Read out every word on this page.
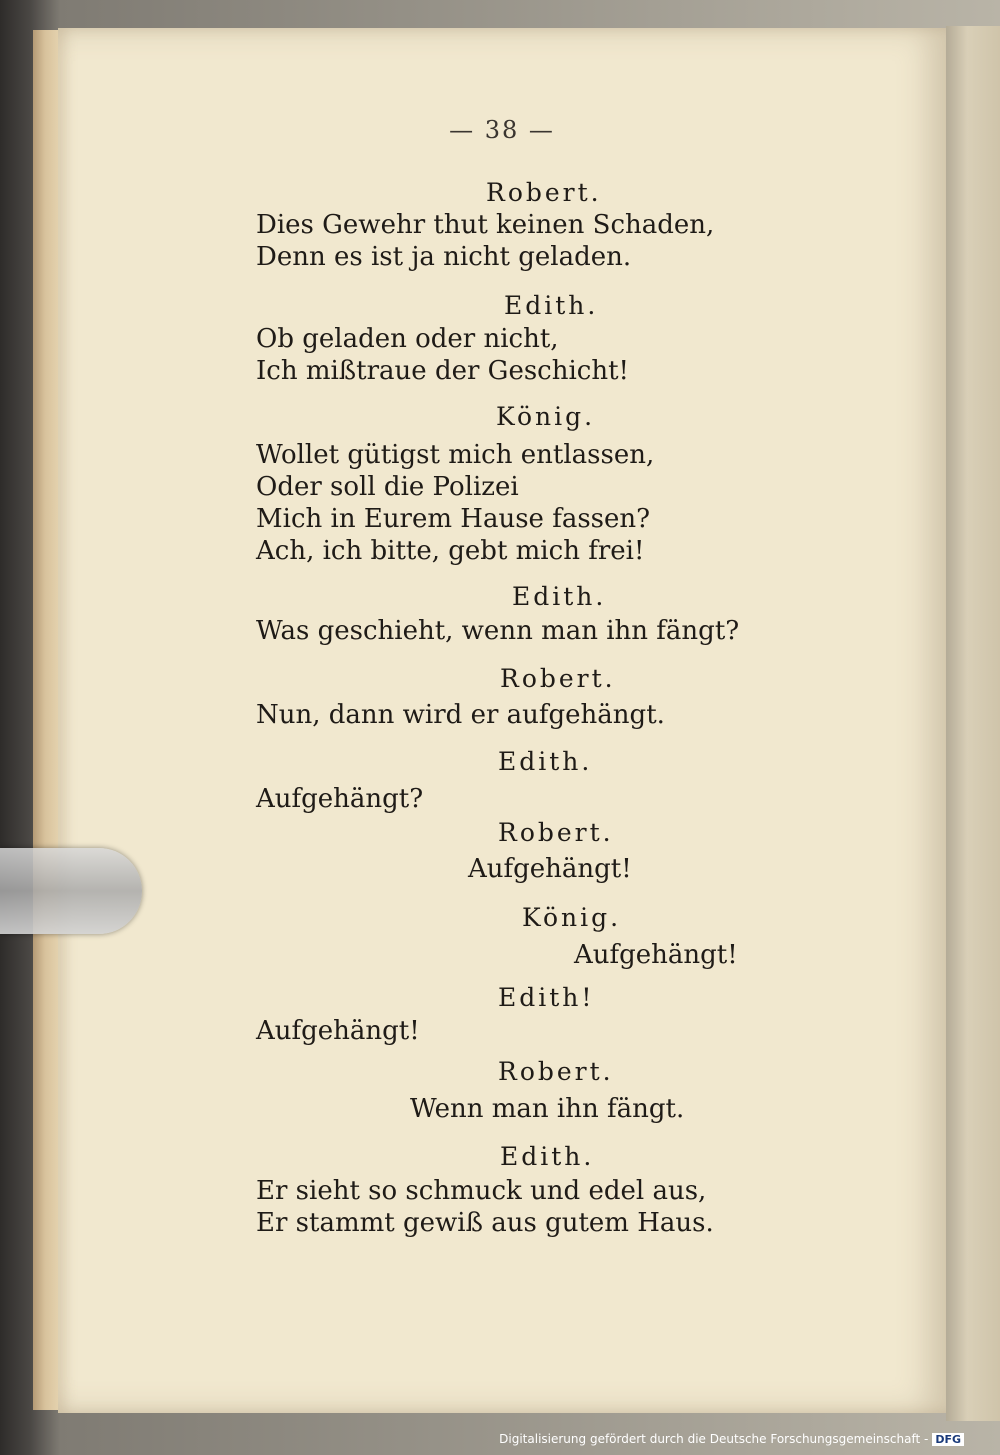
— 38 —
Robert.
Dies Gewehr thut keinen Schaden,
Denn es ist ja nicht geladen.
Edith.
Ob geladen oder nicht,
Ich mißtraue der Geschicht!
König.
Wollet gütigst mich entlassen,
Oder soll die Polizei
Mich in Eurem Hause fassen?
Ach, ich bitte, gebt mich frei!
Edith.
Was geschieht, wenn man ihn fängt?
Robert.
Nun, dann wird er aufgehängt.
Edith.
Aufgehängt?
Robert.
Aufgehängt!
König.
Aufgehängt!
Edith!
Aufgehängt!
Robert.
Wenn man ihn fängt.
Edith.
Er sieht so schmuck und edel aus,
Er stammt gewiß aus gutem Haus.
Digitalisierung gefördert durch die Deutsche Forschungsgemeinschaft - DFG
